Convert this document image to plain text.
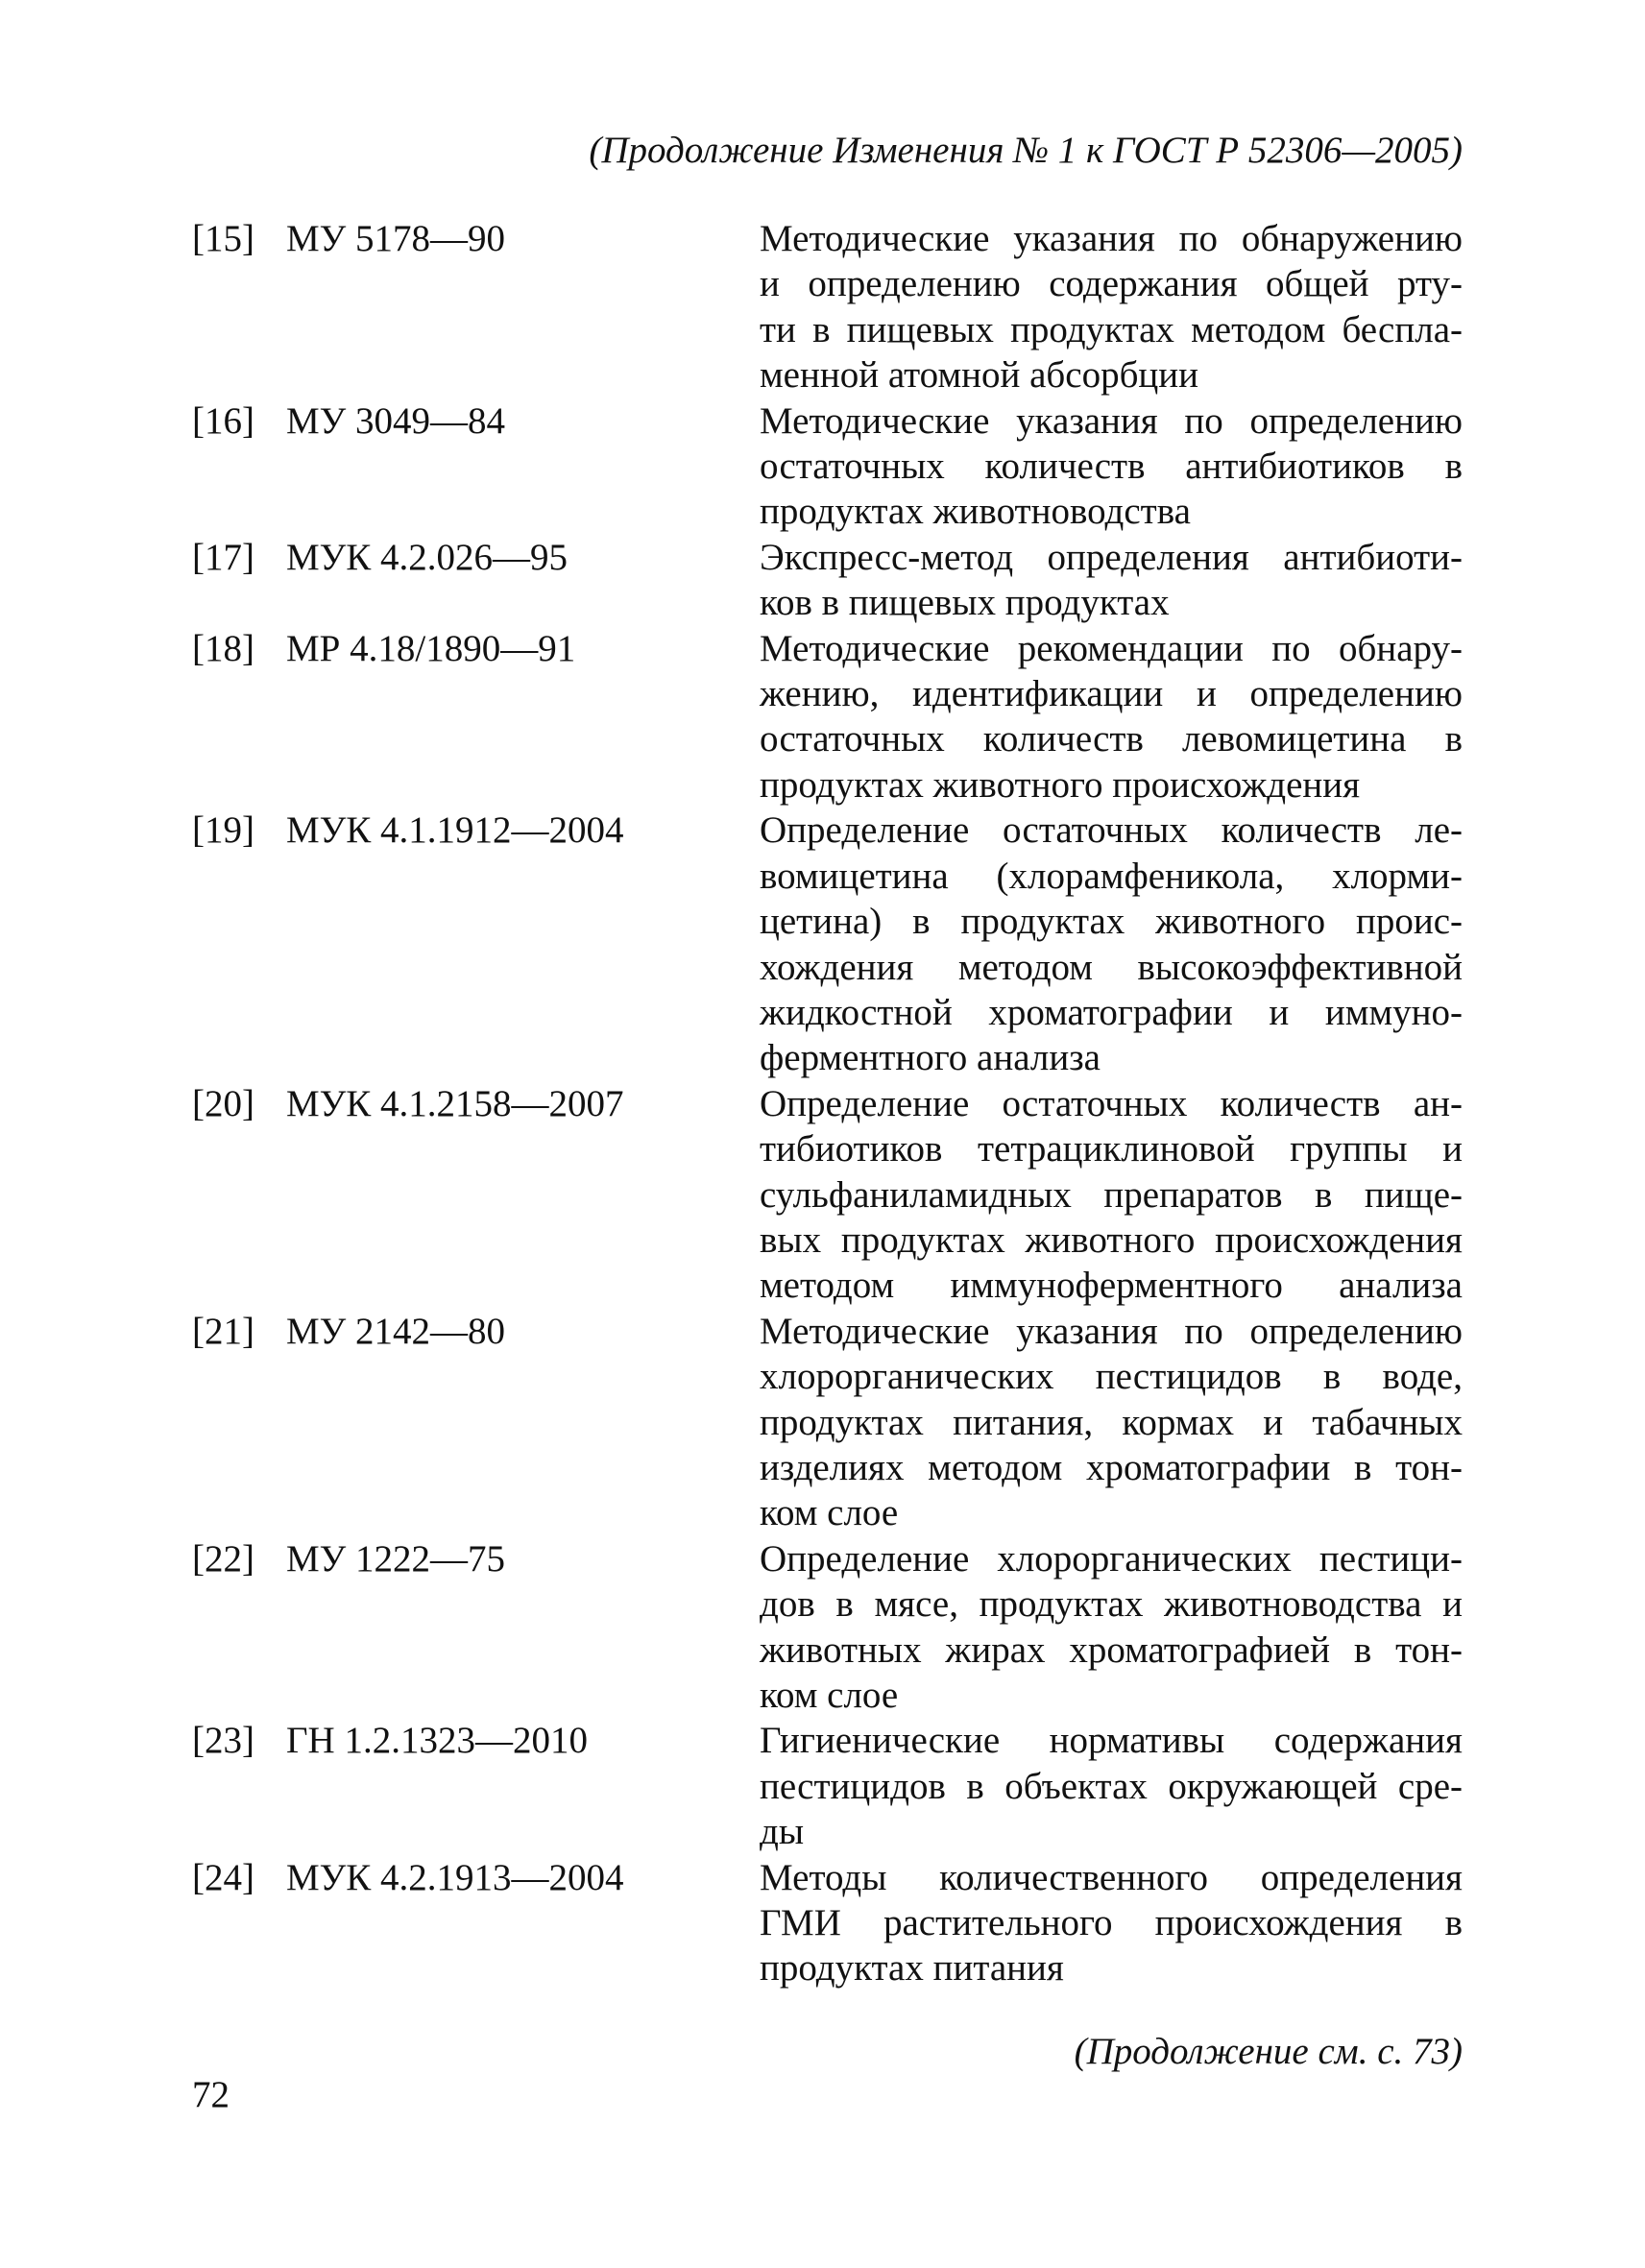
(Продолжение Изменения № 1 к ГОСТ Р 52306—2005)
[15] МУ 5178—90	Методические указания по обнаружению
и определению содержания общей рту-
ти в пищевых продуктах методом беспла-
менной атомной абсорбции
[16] МУ 3049—84	Методические указания по определению
остаточных количеств антибиотиков в
продуктах животноводства
[17] МУК 4.2.026—95	Экспресс-метод определения антибиоти-
ков в пищевых продуктах
[18] МР 4.18/1890—91	Методические рекомендации по обнару-
жению, идентификации и определению
остаточных количеств левомицетина в
продуктах животного происхождения
[19] МУК 4.1.1912—2004	Определение остаточных количеств ле-
вомицетина (хлорамфеникола, хлорми-
цетина) в продуктах животного проис-
хождения методом высокоэффективной
жидкостной хроматографии и иммуно-
ферментного анализа
[20] МУК 4.1.2158—2007	Определение остаточных количеств ан-
тибиотиков тетрациклиновой группы и
сульфаниламидных препаратов в пище-
вых продуктах животного происхождения
методом иммуноферментного анализа
[21] МУ 2142—80	Методические указания по определению
хлорорганических пестицидов в воде,
продуктах питания, кормах и табачных
изделиях методом хроматографии в тон-
ком слое
[22] МУ 1222—75	Определение хлорорганических пестици-
дов в мясе, продуктах животноводства и
животных жирах хроматографией в тон-
ком слое
[23] ГН 1.2.1323—2010	Гигиенические нормативы содержания
пестицидов в объектах окружающей сре-
ды
[24] МУК 4.2.1913—2004	Методы количественного определения
ГМИ растительного происхождения в
продуктах питания
(Продолжение см. с. 73)
72
